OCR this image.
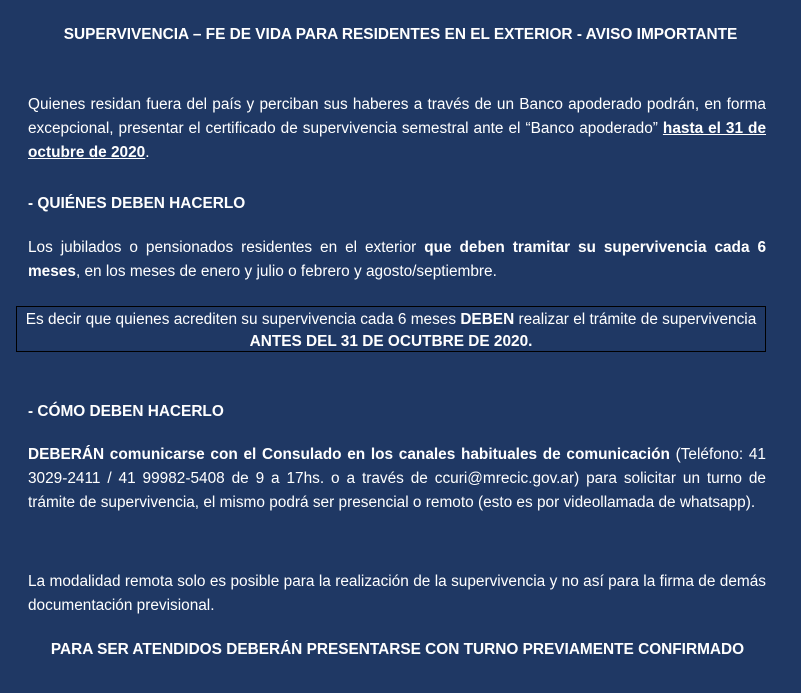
SUPERVIVENCIA – FE DE VIDA PARA RESIDENTES EN EL EXTERIOR - AVISO IMPORTANTE
Quienes residan fuera del país y perciban sus haberes a través de un Banco apoderado podrán, en forma excepcional, presentar el certificado de supervivencia semestral ante el “Banco apoderado” hasta el 31 de octubre de 2020.
- QUIÉNES DEBEN HACERLO
Los jubilados o pensionados residentes en el exterior que deben tramitar su supervivencia cada 6 meses, en los meses de enero y julio o febrero y agosto/septiembre.
Es decir que quienes acrediten su supervivencia cada 6 meses DEBEN realizar el trámite de supervivencia ANTES DEL 31 DE OCUTBRE DE 2020.
- CÓMO DEBEN HACERLO
DEBERÁN comunicarse con el Consulado en los canales habituales de comunicación (Teléfono: 41 3029-2411 / 41 99982-5408 de 9 a 17hs. o a través de ccuri@mrecic.gov.ar) para solicitar un turno de trámite de supervivencia, el mismo podrá ser presencial o remoto (esto es por videollamada de whatsapp).
La modalidad remota solo es posible para la realización de la supervivencia y no así para la firma de demás documentación previsional.
PARA SER ATENDIDOS DEBERÁN PRESENTARSE CON TURNO PREVIAMENTE CONFIRMADO
